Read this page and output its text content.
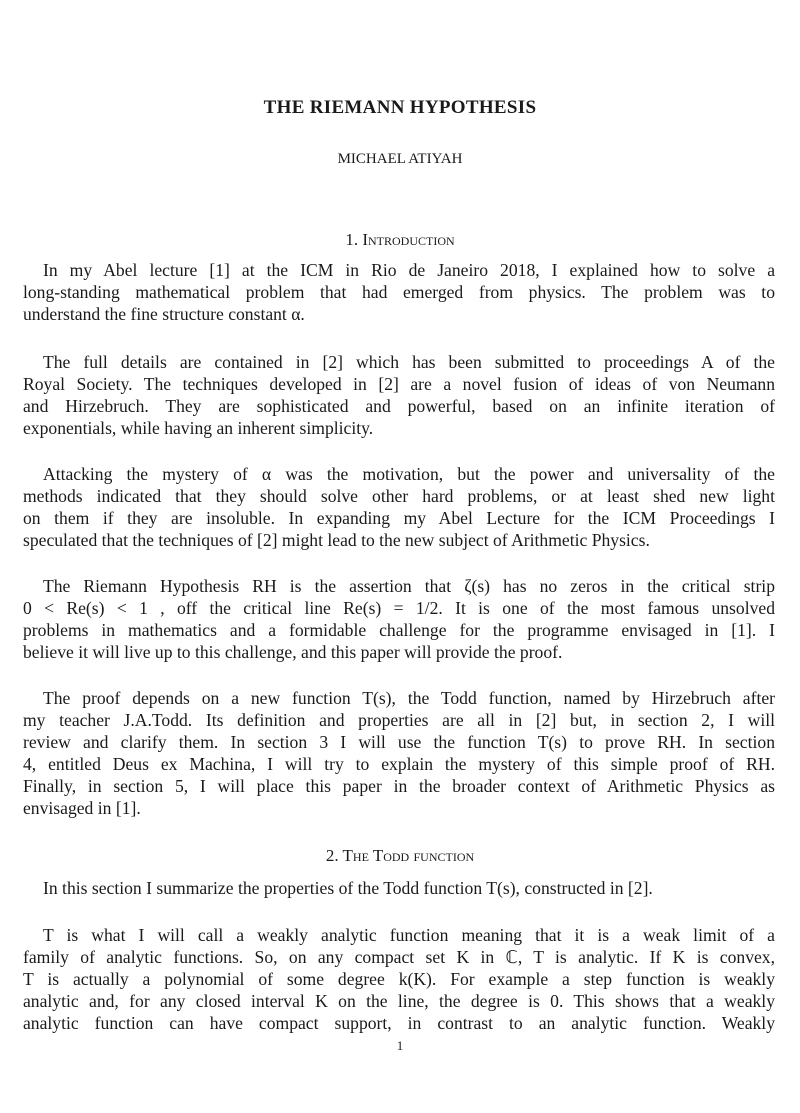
THE RIEMANN HYPOTHESIS
MICHAEL ATIYAH
1. Introduction
In my Abel lecture [1] at the ICM in Rio de Janeiro 2018, I explained how to solve a
long-standing mathematical problem that had emerged from physics. The problem was to
understand the fine structure constant α.
The full details are contained in [2] which has been submitted to proceedings A of the
Royal Society. The techniques developed in [2] are a novel fusion of ideas of von Neumann
and Hirzebruch. They are sophisticated and powerful, based on an infinite iteration of
exponentials, while having an inherent simplicity.
Attacking the mystery of α was the motivation, but the power and universality of the
methods indicated that they should solve other hard problems, or at least shed new light
on them if they are insoluble. In expanding my Abel Lecture for the ICM Proceedings I
speculated that the techniques of [2] might lead to the new subject of Arithmetic Physics.
The Riemann Hypothesis RH is the assertion that ζ(s) has no zeros in the critical strip
0 < Re(s) < 1 , off the critical line Re(s) = 1/2. It is one of the most famous unsolved
problems in mathematics and a formidable challenge for the programme envisaged in [1]. I
believe it will live up to this challenge, and this paper will provide the proof.
The proof depends on a new function T(s), the Todd function, named by Hirzebruch after
my teacher J.A.Todd. Its definition and properties are all in [2] but, in section 2, I will
review and clarify them. In section 3 I will use the function T(s) to prove RH. In section
4, entitled Deus ex Machina, I will try to explain the mystery of this simple proof of RH.
Finally, in section 5, I will place this paper in the broader context of Arithmetic Physics as
envisaged in [1].
2. The Todd function
In this section I summarize the properties of the Todd function T(s), constructed in [2].
T is what I will call a weakly analytic function meaning that it is a weak limit of a
family of analytic functions. So, on any compact set K in ℂ, T is analytic. If K is convex,
T is actually a polynomial of some degree k(K). For example a step function is weakly
analytic and, for any closed interval K on the line, the degree is 0. This shows that a weakly
analytic function can have compact support, in contrast to an analytic function. Weakly
1
